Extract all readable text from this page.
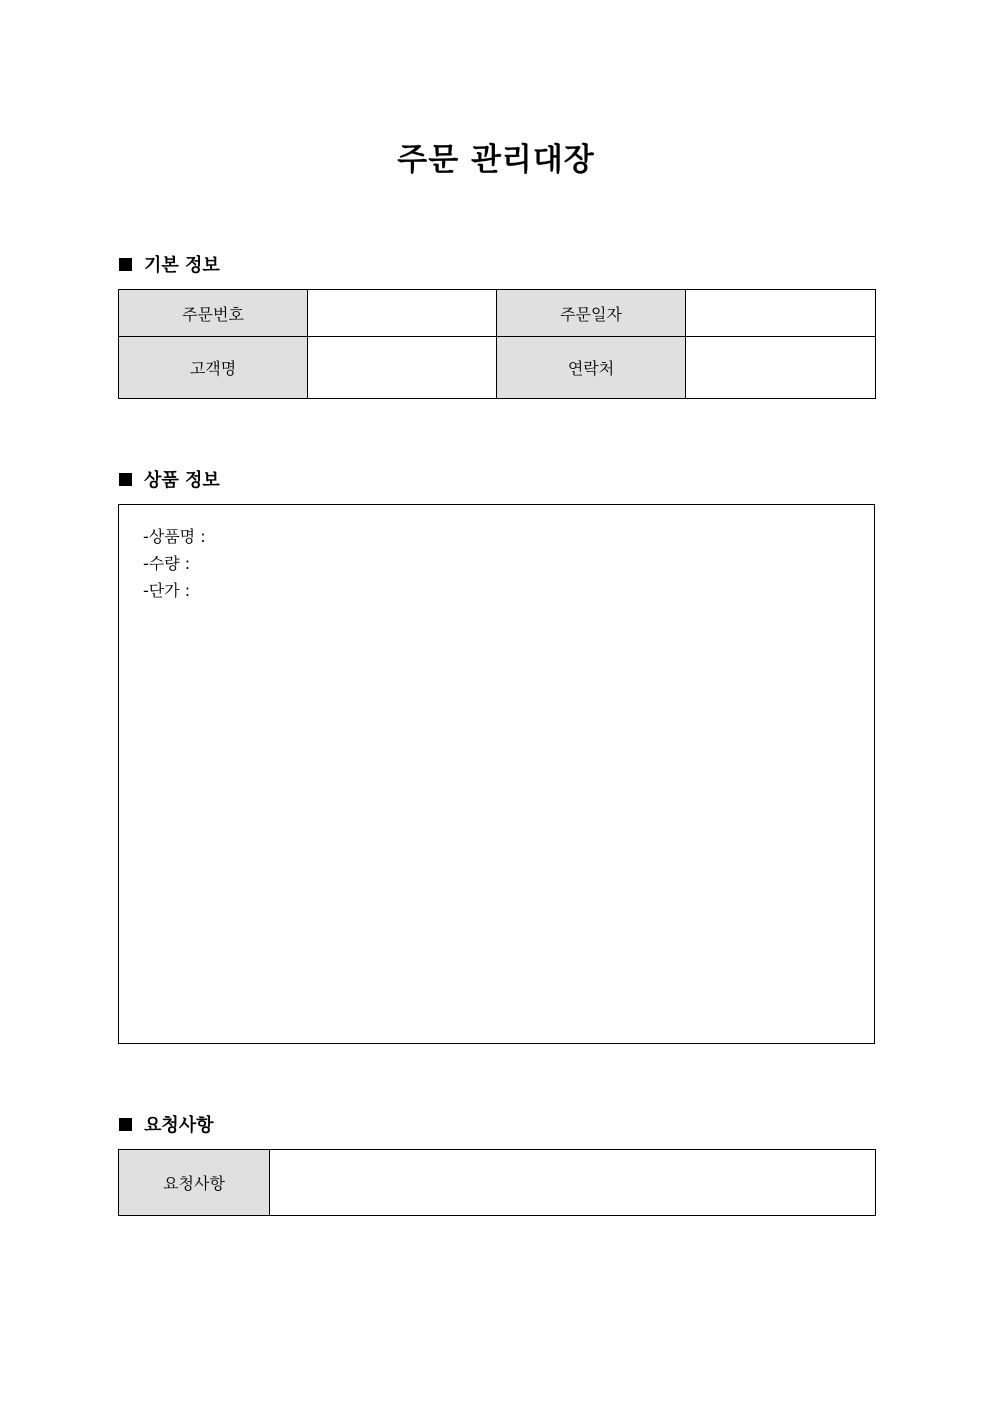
주문 관리대장
기본 정보
주문번호		주문일자	
고객명		연락처	
상품 정보
-상품명 :
-수량 :
-단가 :
요청사항
요청사항	
